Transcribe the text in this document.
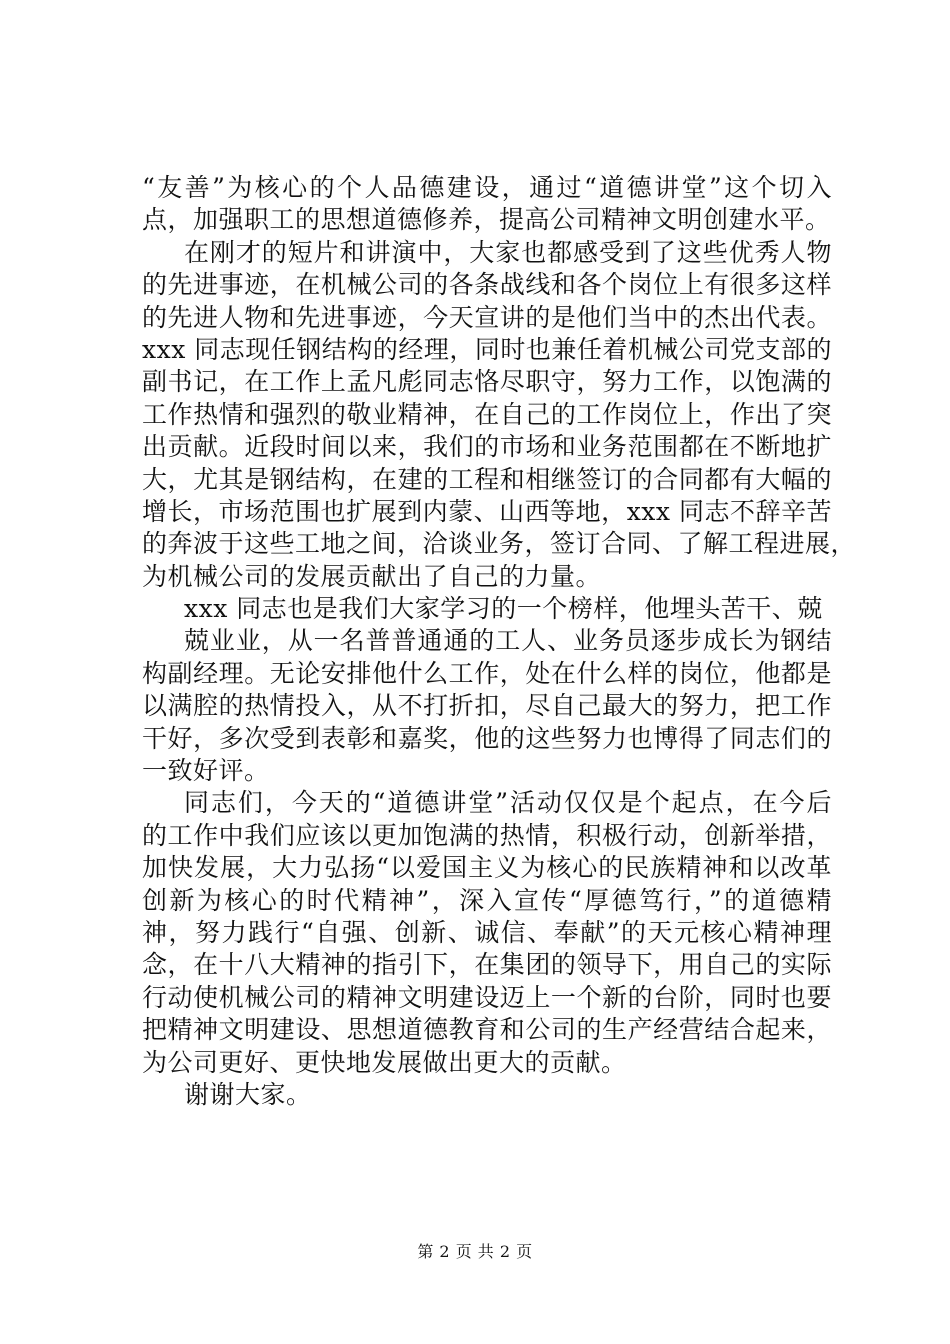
“友善”为核心的个人品德建设，通过“道德讲堂”这个切入
点，加强职工的思想道德修养，提高公司精神文明创建水平。
在刚才的短片和讲演中，大家也都感受到了这些优秀人物
的先进事迹，在机械公司的各条战线和各个岗位上有很多这样
的先进人物和先进事迹，今天宣讲的是他们当中的杰出代表。
xxx 同志现任钢结构的经理，同时也兼任着机械公司党支部的
副书记，在工作上孟凡彪同志恪尽职守，努力工作，以饱满的
工作热情和强烈的敬业精神，在自己的工作岗位上，作出了突
出贡献。近段时间以来，我们的市场和业务范围都在不断地扩
大，尤其是钢结构，在建的工程和相继签订的合同都有大幅的
增长，市场范围也扩展到内蒙、山西等地，xxx 同志不辞辛苦
的奔波于这些工地之间，洽谈业务，签订合同、了解工程进展，
为机械公司的发展贡献出了自己的力量。
xxx 同志也是我们大家学习的一个榜样，他埋头苦干、兢
兢业业，从一名普普通通的工人、业务员逐步成长为钢结
构副经理。无论安排他什么工作，处在什么样的岗位，他都是
以满腔的热情投入，从不打折扣，尽自己最大的努力，把工作
干好，多次受到表彰和嘉奖，他的这些努力也博得了同志们的
一致好评。
同志们，今天的“道德讲堂”活动仅仅是个起点，在今后
的工作中我们应该以更加饱满的热情，积极行动，创新举措，
加快发展，大力弘扬“以爱国主义为核心的民族精神和以改革
创新为核心的时代精神”，深入宣传“厚德笃行，”的道德精
神，努力践行“自强、创新、诚信、奉献”的天元核心精神理
念，在十八大精神的指引下，在集团的领导下，用自己的实际
行动使机械公司的精神文明建设迈上一个新的台阶，同时也要
把精神文明建设、思想道德教育和公司的生产经营结合起来，
为公司更好、更快地发展做出更大的贡献。
谢谢大家。
第 2 页 共 2 页
